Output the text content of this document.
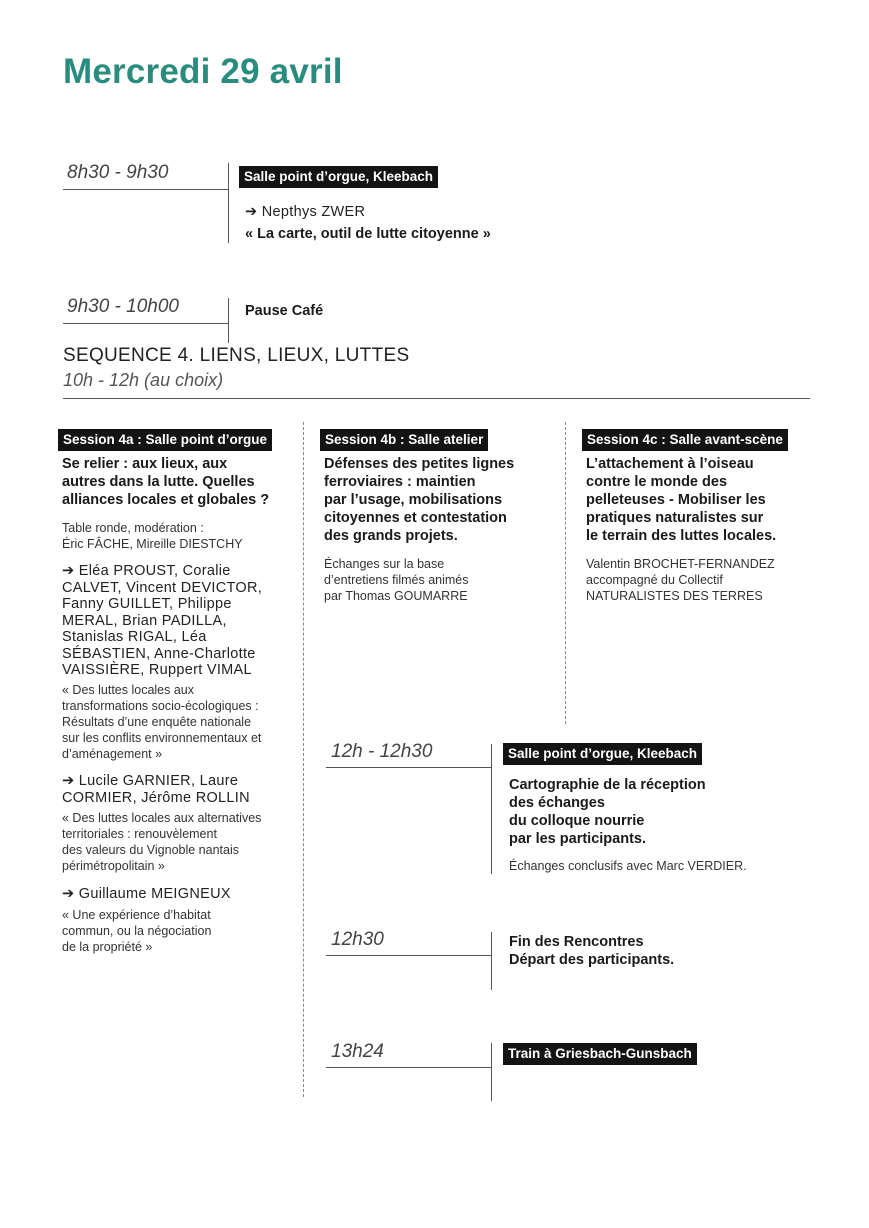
Mercredi 29 avril
8h30 - 9h30	Salle point d’orgue, Kleebach
➔ Nepthys ZWER
« La carte, outil de lutte citoyenne »
9h30 - 10h00	Pause Café
SEQUENCE 4. LIENS, LIEUX, LUTTES
10h - 12h (au choix)
Session 4a : Salle point d’orgue

Se relier : aux lieux, aux

autres dans la lutte. Quelles

alliances locales et globales ?

Table ronde, modération :

Éric FÂCHE, Mireille DIESTCHY

➔ Eléa PROUST, Coralie

CALVET, Vincent DEVICTOR,

Fanny GUILLET, Philippe

MERAL, Brian PADILLA,

Stanislas RIGAL, Léa

SÉBASTIEN, Anne-Charlotte

VAISSIÈRE, Ruppert VIMAL

« Des luttes locales aux

transformations socio-écologiques :

Résultats d’une enquête nationale

sur les conflits environnementaux et

d’aménagement »

➔ Lucile GARNIER, Laure

CORMIER, Jérôme ROLLIN

« Des luttes locales aux alternatives

territoriales : renouvèlement

des valeurs du Vignoble nantais

périmétropolitain »

➔ Guillaume MEIGNEUX

« Une expérience d’habitat

commun, ou la négociation

de la propriété »

Session 4b : Salle atelier

Défenses des petites lignes

ferroviaires : maintien

par l’usage, mobilisations

citoyennes et contestation

des grands projets.

Échanges sur la base

d’entretiens filmés animés

par Thomas GOUMARRE

Session 4c : Salle avant-scène

L’attachement à l’oiseau

contre le monde des

pelleteuses - Mobiliser les

pratiques naturalistes sur

le terrain des luttes locales.

Valentin BROCHET-FERNANDEZ

accompagné du Collectif

NATURALISTES DES TERRES

12h - 12h30	Salle point d’orgue, Kleebach

Cartographie de la réception

des échanges

du colloque nourrie

par les participants.

Échanges conclusifs avec Marc VERDIER.
12h30	Fin des Rencontres

Départ des participants.

13h24	Train à Griesbach-Gunsbach
